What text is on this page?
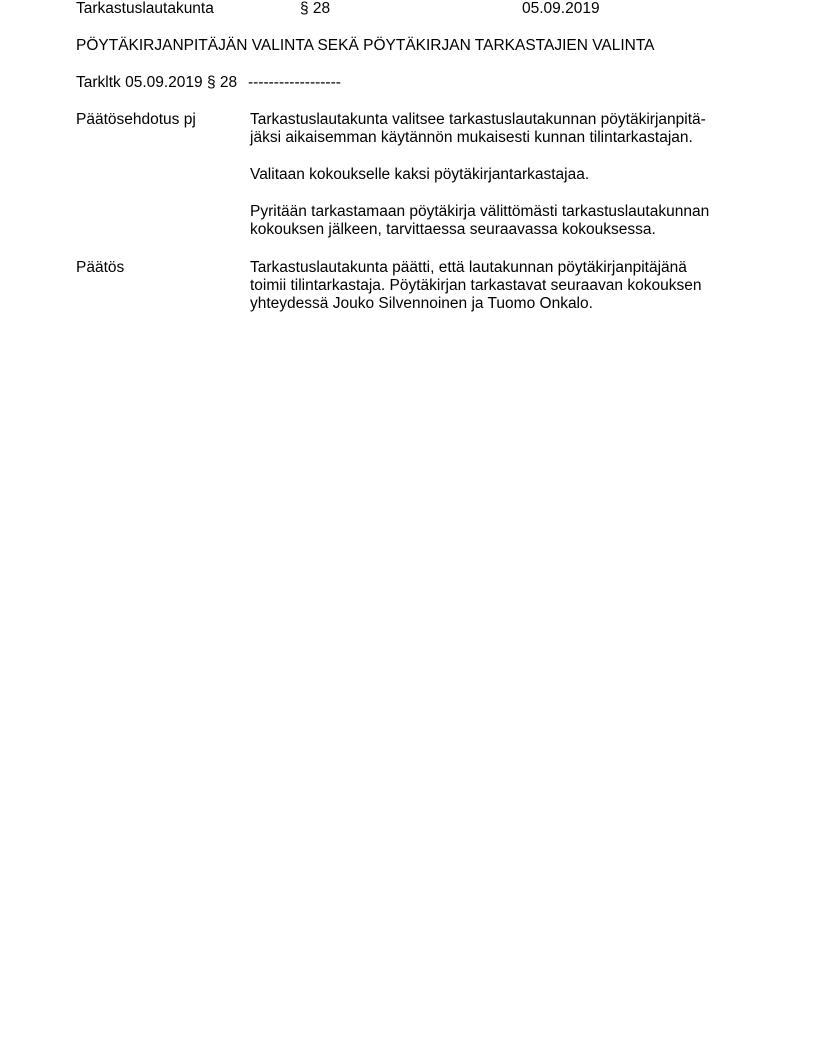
Tarkastuslautakunta	§ 28	05.09.2019
PÖYTÄKIRJANPITÄJÄN VALINTA SEKÄ PÖYTÄKIRJAN TARKASTAJIEN VALINTA
Tarkltk 05.09.2019 § 28 ------------------
Päätösehdotus pj	Tarkastuslautakunta valitsee tarkastuslautakunnan pöytäkirjanpitä-

jäksi aikaisemman käytännön mukaisesti kunnan tilintarkastajan.

Valitaan kokoukselle kaksi pöytäkirjantarkastajaa.

Pyritään tarkastamaan pöytäkirja välittömästi tarkastuslautakunnan

kokouksen jälkeen, tarvittaessa seuraavassa kokouksessa.

Päätös	Tarkastuslautakunta päätti, että lautakunnan pöytäkirjanpitäjänä

toimii tilintarkastaja. Pöytäkirjan tarkastavat seuraavan kokouksen

yhteydessä Jouko Silvennoinen ja Tuomo Onkalo.
